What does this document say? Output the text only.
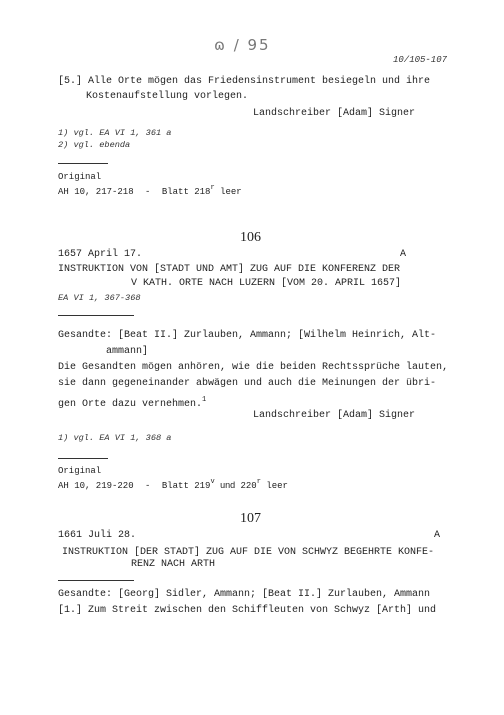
ɷ / 95
10/105-107
[5.] Alle Orte mögen das Friedensinstrument besiegeln und ihre
Kostenaufstellung vorlegen.
Landschreiber [Adam] Signer
1) vgl. EA VI 1, 361 a
2) vgl. ebenda
Original
AH 10, 217-218 - Blatt 218$^r$ leer
106
1657 April 17.	A
INSTRUKTION VON [STADT UND AMT] ZUG AUF DIE KONFERENZ DER
V KATH. ORTE NACH LUZERN [VOM 20. APRIL 1657]
EA VI 1, 367-368
Gesandte: [Beat II.] Zurlauben, Ammann; [Wilhelm Heinrich, Alt-
ammann]
Die Gesandten mögen anhören, wie die beiden Rechtssprüche lauten,
sie dann gegeneinander abwägen und auch die Meinungen der übri-
gen Orte dazu vernehmen.$^1$
Landschreiber [Adam] Signer
1) vgl. EA VI 1, 368 a
Original
AH 10, 219-220 - Blatt 219$^v$ und 220$^r$ leer
107
1661 Juli 28.	A
INSTRUKTION [DER STADT] ZUG AUF DIE VON SCHWYZ BEGEHRTE KONFE-
RENZ NACH ARTH
Gesandte: [Georg] Sidler, Ammann; [Beat II.] Zurlauben, Ammann
[1.] Zum Streit zwischen den Schiffleuten von Schwyz [Arth] und
